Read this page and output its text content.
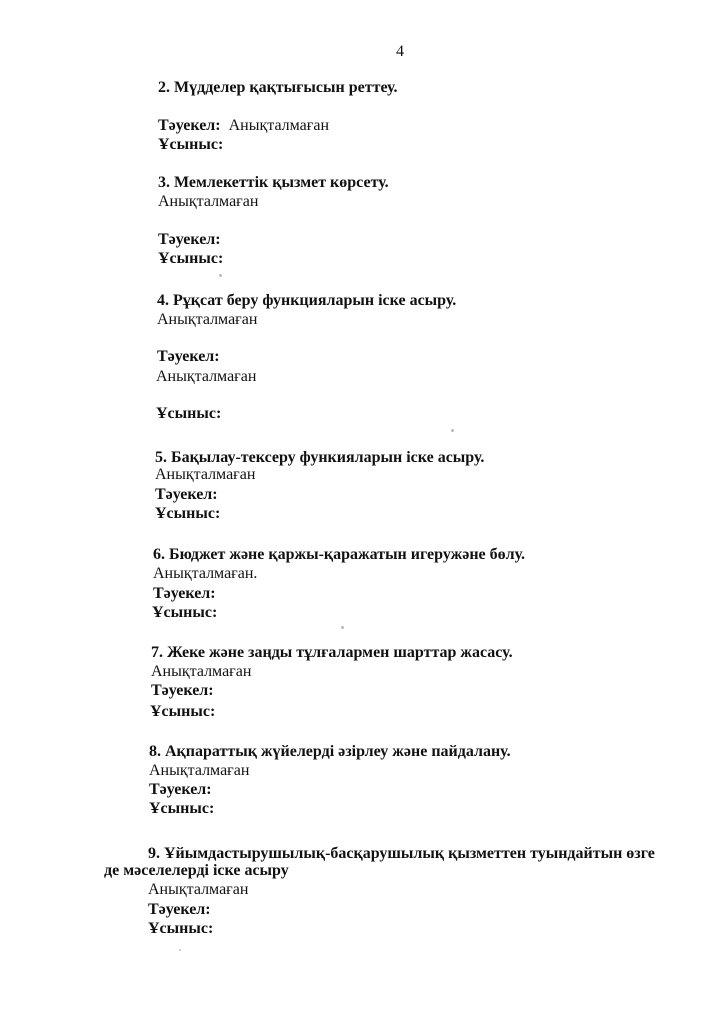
4
2. Мүдделер қақтығысын реттеу.
Тәуекел: Анықталмаған
Ұсыныс:
3. Мемлекеттік қызмет көрсету.
Анықталмаған
Тәуекел:
Ұсыныс:
4. Рұқсат беру функцияларын іске асыру.
Анықталмаған
Тәуекел:
Анықталмаған
Ұсыныс:
5. Бақылау-тексеру функияларын іске асыру.
Анықталмаған
Тәуекел:
Ұсыныс:
6. Бюджет және қаржы-қаражатын игеружәне бөлу.
Анықталмаған.
Тәуекел:
Ұсыныс:
7. Жеке және заңды тұлғалармен шарттар жасасу.
Анықталмаған
Тәуекел:
Ұсыныс:
8. Ақпараттық жүйелерді әзірлеу және пайдалану.
Анықталмаған
Тәуекел:
Ұсыныс:
9. Ұйымдастырушылық-басқарушылық қызметтен туындайтын өзге
де мәселелерді іске асыру
Анықталмаған
Тәуекел:
Ұсыныс:
